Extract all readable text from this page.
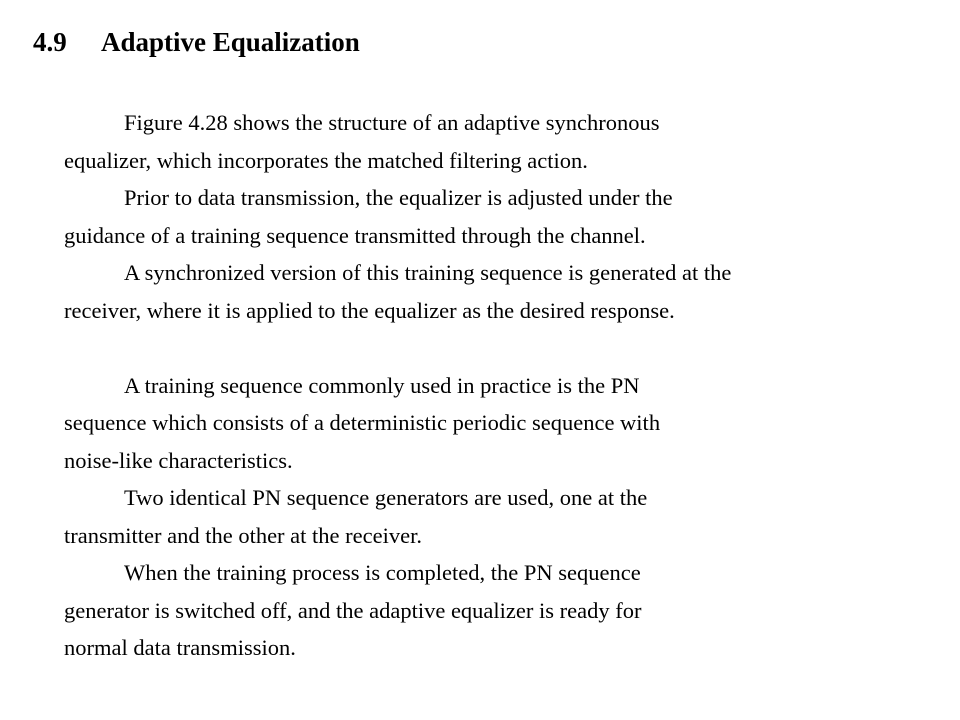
4.9 Adaptive Equalization

Figure 4.28 shows the structure of an adaptive synchronous
equalizer, which incorporates the matched filtering action.

Prior to data transmission, the equalizer is adjusted under the
guidance of a training sequence transmitted through the channel.

A synchronized version of this training sequence is generated at the
receiver, where it is applied to the equalizer as the desired response.

A training sequence commonly used in practice is the PN
sequence which consists of a deterministic periodic sequence with
noise-like characteristics.

Two identical PN sequence generators are used, one at the
transmitter and the other at the receiver.

When the training process is completed, the PN sequence
generator is switched off, and the adaptive equalizer is ready for
normal data transmission.
